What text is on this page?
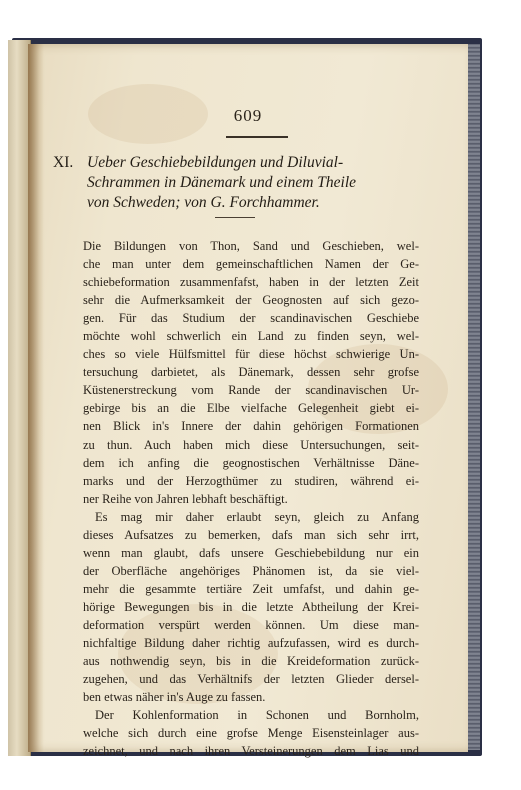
609
XI. Ueber Geschiebebildungen und Diluvial-
Schrammen in Dänemark und einem Theile
von Schweden; von G. Forchhammer.
Die Bildungen von Thon, Sand und Geschieben, wel-
che man unter dem gemeinschaftlichen Namen der Ge-
schiebeformation zusammenfafst, haben in der letzten Zeit
sehr die Aufmerksamkeit der Geognosten auf sich gezo-
gen. Für das Studium der scandinavischen Geschiebe
möchte wohl schwerlich ein Land zu finden seyn, wel-
ches so viele Hülfsmittel für diese höchst schwierige Un-
tersuchung darbietet, als Dänemark, dessen sehr grofse
Küstenerstreckung vom Rande der scandinavischen Ur-
gebirge bis an die Elbe vielfache Gelegenheit giebt ei-
nen Blick in's Innere der dahin gehörigen Formationen
zu thun. Auch haben mich diese Untersuchungen, seit-
dem ich anfing die geognostischen Verhältnisse Däne-
marks und der Herzogthümer zu studiren, während ei-
ner Reihe von Jahren lebhaft beschäftigt.
Es mag mir daher erlaubt seyn, gleich zu Anfang
dieses Aufsatzes zu bemerken, dafs man sich sehr irrt,
wenn man glaubt, dafs unsere Geschiebebildung nur ein
der Oberfläche angehöriges Phänomen ist, da sie viel-
mehr die gesammte tertiäre Zeit umfafst, und dahin ge-
hörige Bewegungen bis in die letzte Abtheilung der Krei-
deformation verspürt werden können. Um diese man-
nichfaltige Bildung daher richtig aufzufassen, wird es durch-
aus nothwendig seyn, bis in die Kreideformation zurück-
zugehen, und das Verhältnifs der letzten Glieder dersel-
ben etwas näher in's Auge zu fassen.
Der Kohlenformation in Schonen und Bornholm,
welche sich durch eine grofse Menge Eisensteinlager aus-
zeichnet, und nach ihren Versteinerungen dem Lias und
